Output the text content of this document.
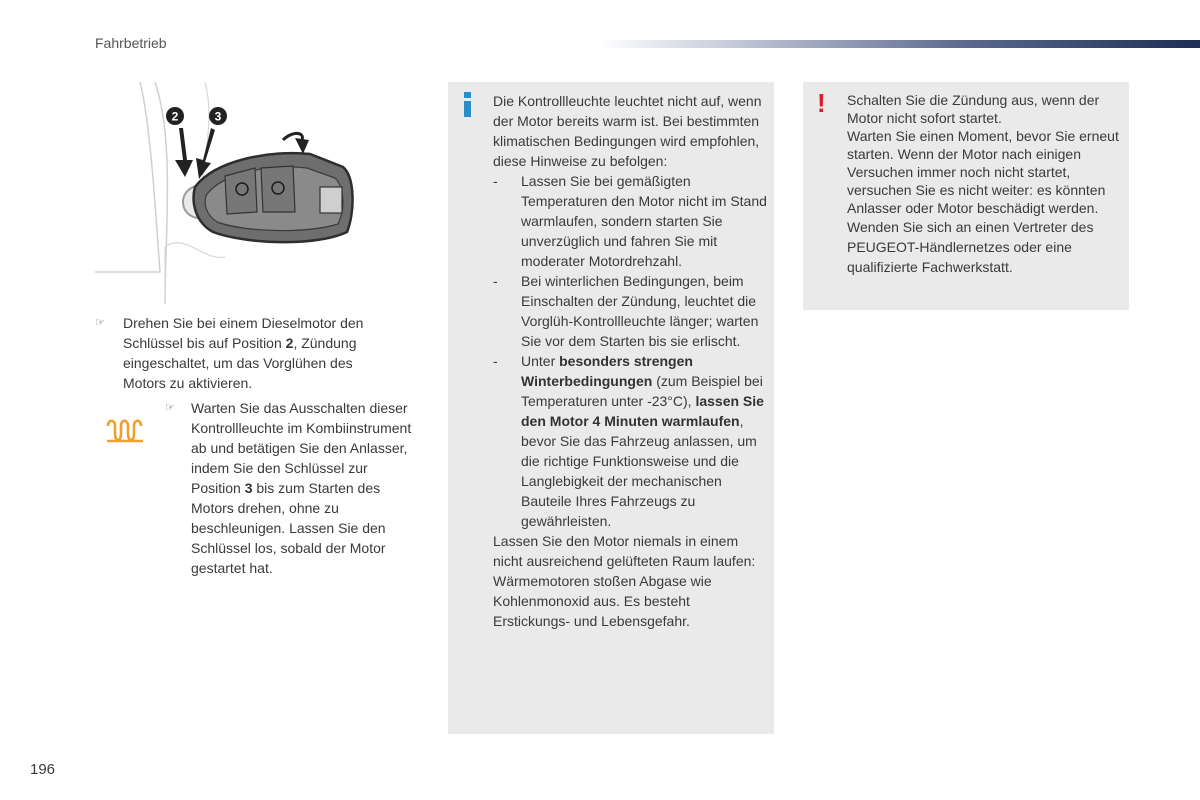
Fahrbetrieb
2	3
☞ Drehen Sie bei einem Dieselmotor den Schlüssel bis auf Position 2, Zündung eingeschaltet, um das Vorglühen des Motors zu aktivieren.
☞ Warten Sie das Ausschalten dieser Kontrollleuchte im Kombiinstrument ab und betätigen Sie den Anlasser, indem Sie den Schlüssel zur Position 3 bis zum Starten des Motors drehen, ohne zu beschleunigen. Lassen Sie den Schlüssel los, sobald der Motor gestartet hat.
Die Kontrollleuchte leuchtet nicht auf, wenn der Motor bereits warm ist. Bei bestimmten klimatischen Bedingungen wird empfohlen, diese Hinweise zu befolgen:
- Lassen Sie bei gemäßigten Temperaturen den Motor nicht im Stand warmlaufen, sondern starten Sie unverzüglich und fahren Sie mit moderater Motordrehzahl.
- Bei winterlichen Bedingungen, beim Einschalten der Zündung, leuchtet die Vorglüh-Kontrollleuchte länger; warten Sie vor dem Starten bis sie erlischt.
- Unter besonders strengen Winterbedingungen (zum Beispiel bei Temperaturen unter -23°C), lassen Sie den Motor 4 Minuten warmlaufen, bevor Sie das Fahrzeug anlassen, um die richtige Funktionsweise und die Langlebigkeit der mechanischen Bauteile Ihres Fahrzeugs zu gewährleisten.
Lassen Sie den Motor niemals in einem nicht ausreichend gelüfteten Raum laufen: Wärmemotoren stoßen Abgase wie Kohlenmonoxid aus. Es besteht Erstickungs- und Lebensgefahr.
! Schalten Sie die Zündung aus, wenn der Motor nicht sofort startet.
Warten Sie einen Moment, bevor Sie erneut starten. Wenn der Motor nach einigen Versuchen immer noch nicht startet, versuchen Sie es nicht weiter: es könnten Anlasser oder Motor beschädigt werden.
Wenden Sie sich an einen Vertreter des PEUGEOT-Händlernetzes oder eine qualifizierte Fachwerkstatt.
196
